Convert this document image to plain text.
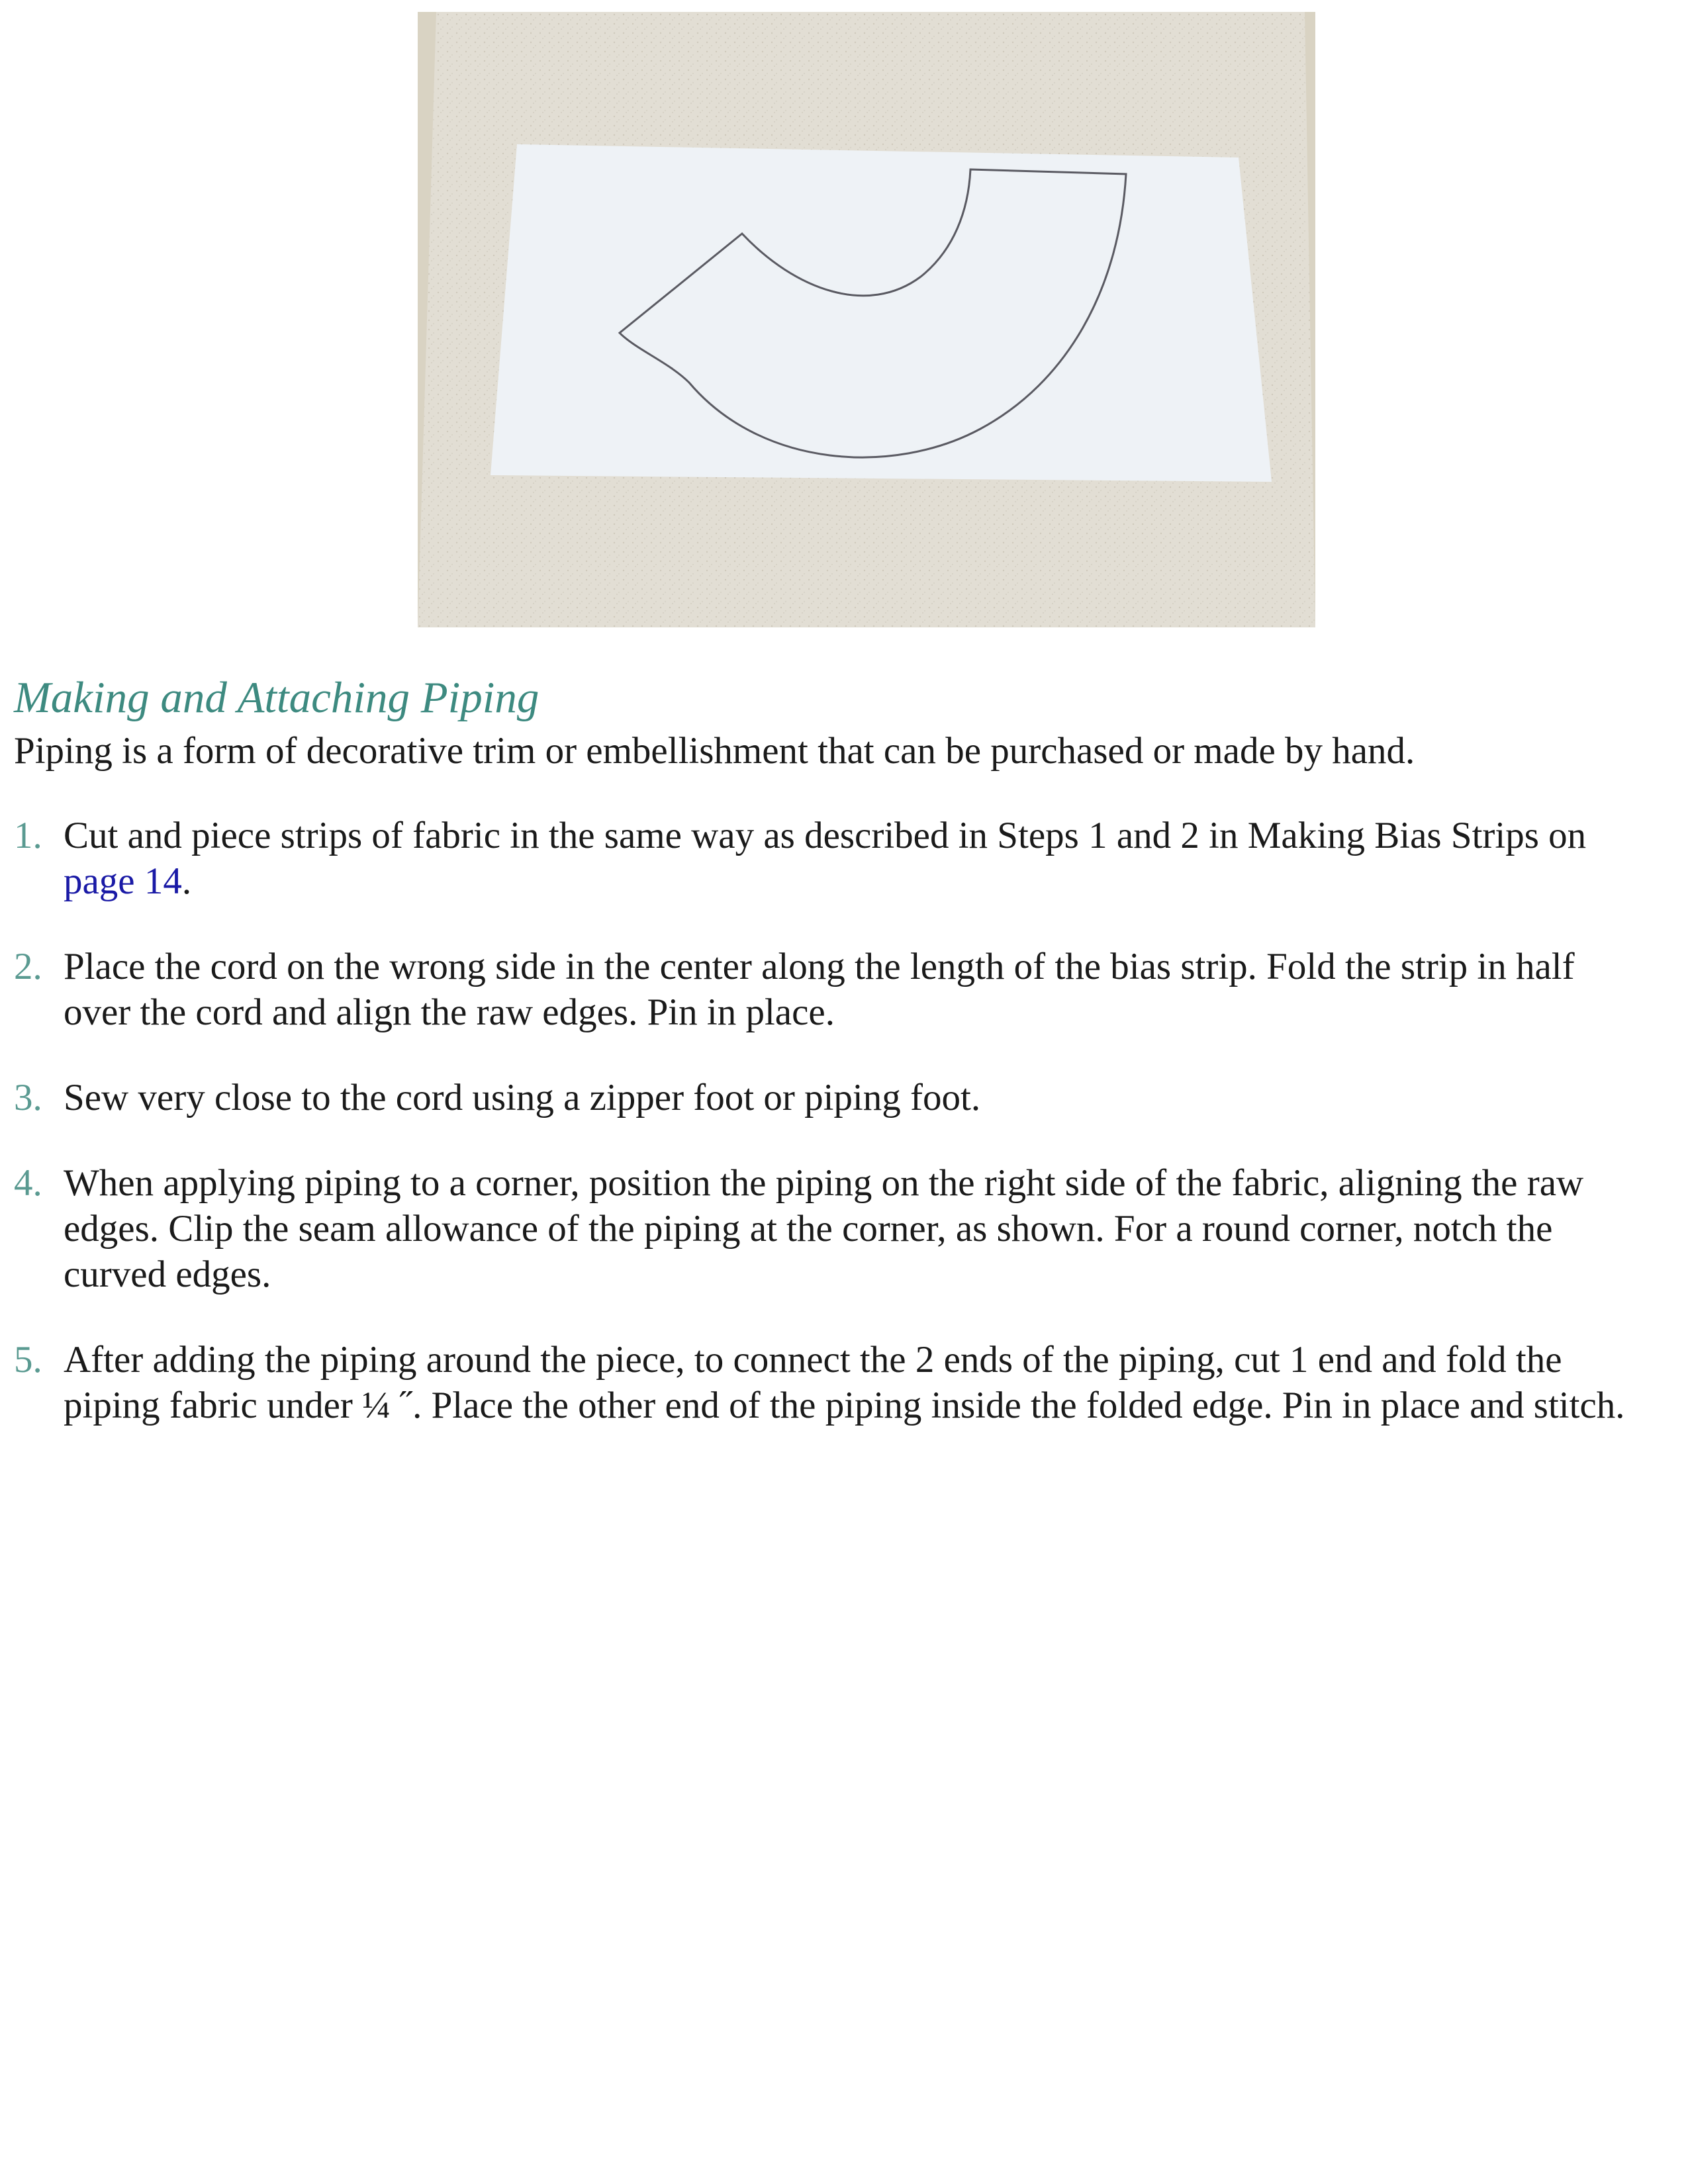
Making and Attaching Piping

Piping is a form of decorative trim or embellishment that can be purchased or made by hand.

1. Cut and piece strips of fabric in the same way as described in Steps 1 and 2 in Making Bias Strips on page 14.
2. Place the cord on the wrong side in the center along the length of the bias strip. Fold the strip in half over the cord and align the raw edges. Pin in place.
3. Sew very close to the cord using a zipper foot or piping foot.
4. When applying piping to a corner, position the piping on the right side of the fabric, aligning the raw edges. Clip the seam allowance of the piping at the corner, as shown. For a round corner, notch the curved edges.
5. After adding the piping around the piece, to connect the 2 ends of the piping, cut 1 end and fold the piping fabric under ¼ ˝. Place the other end of the piping inside the folded edge. Pin in place and stitch.
